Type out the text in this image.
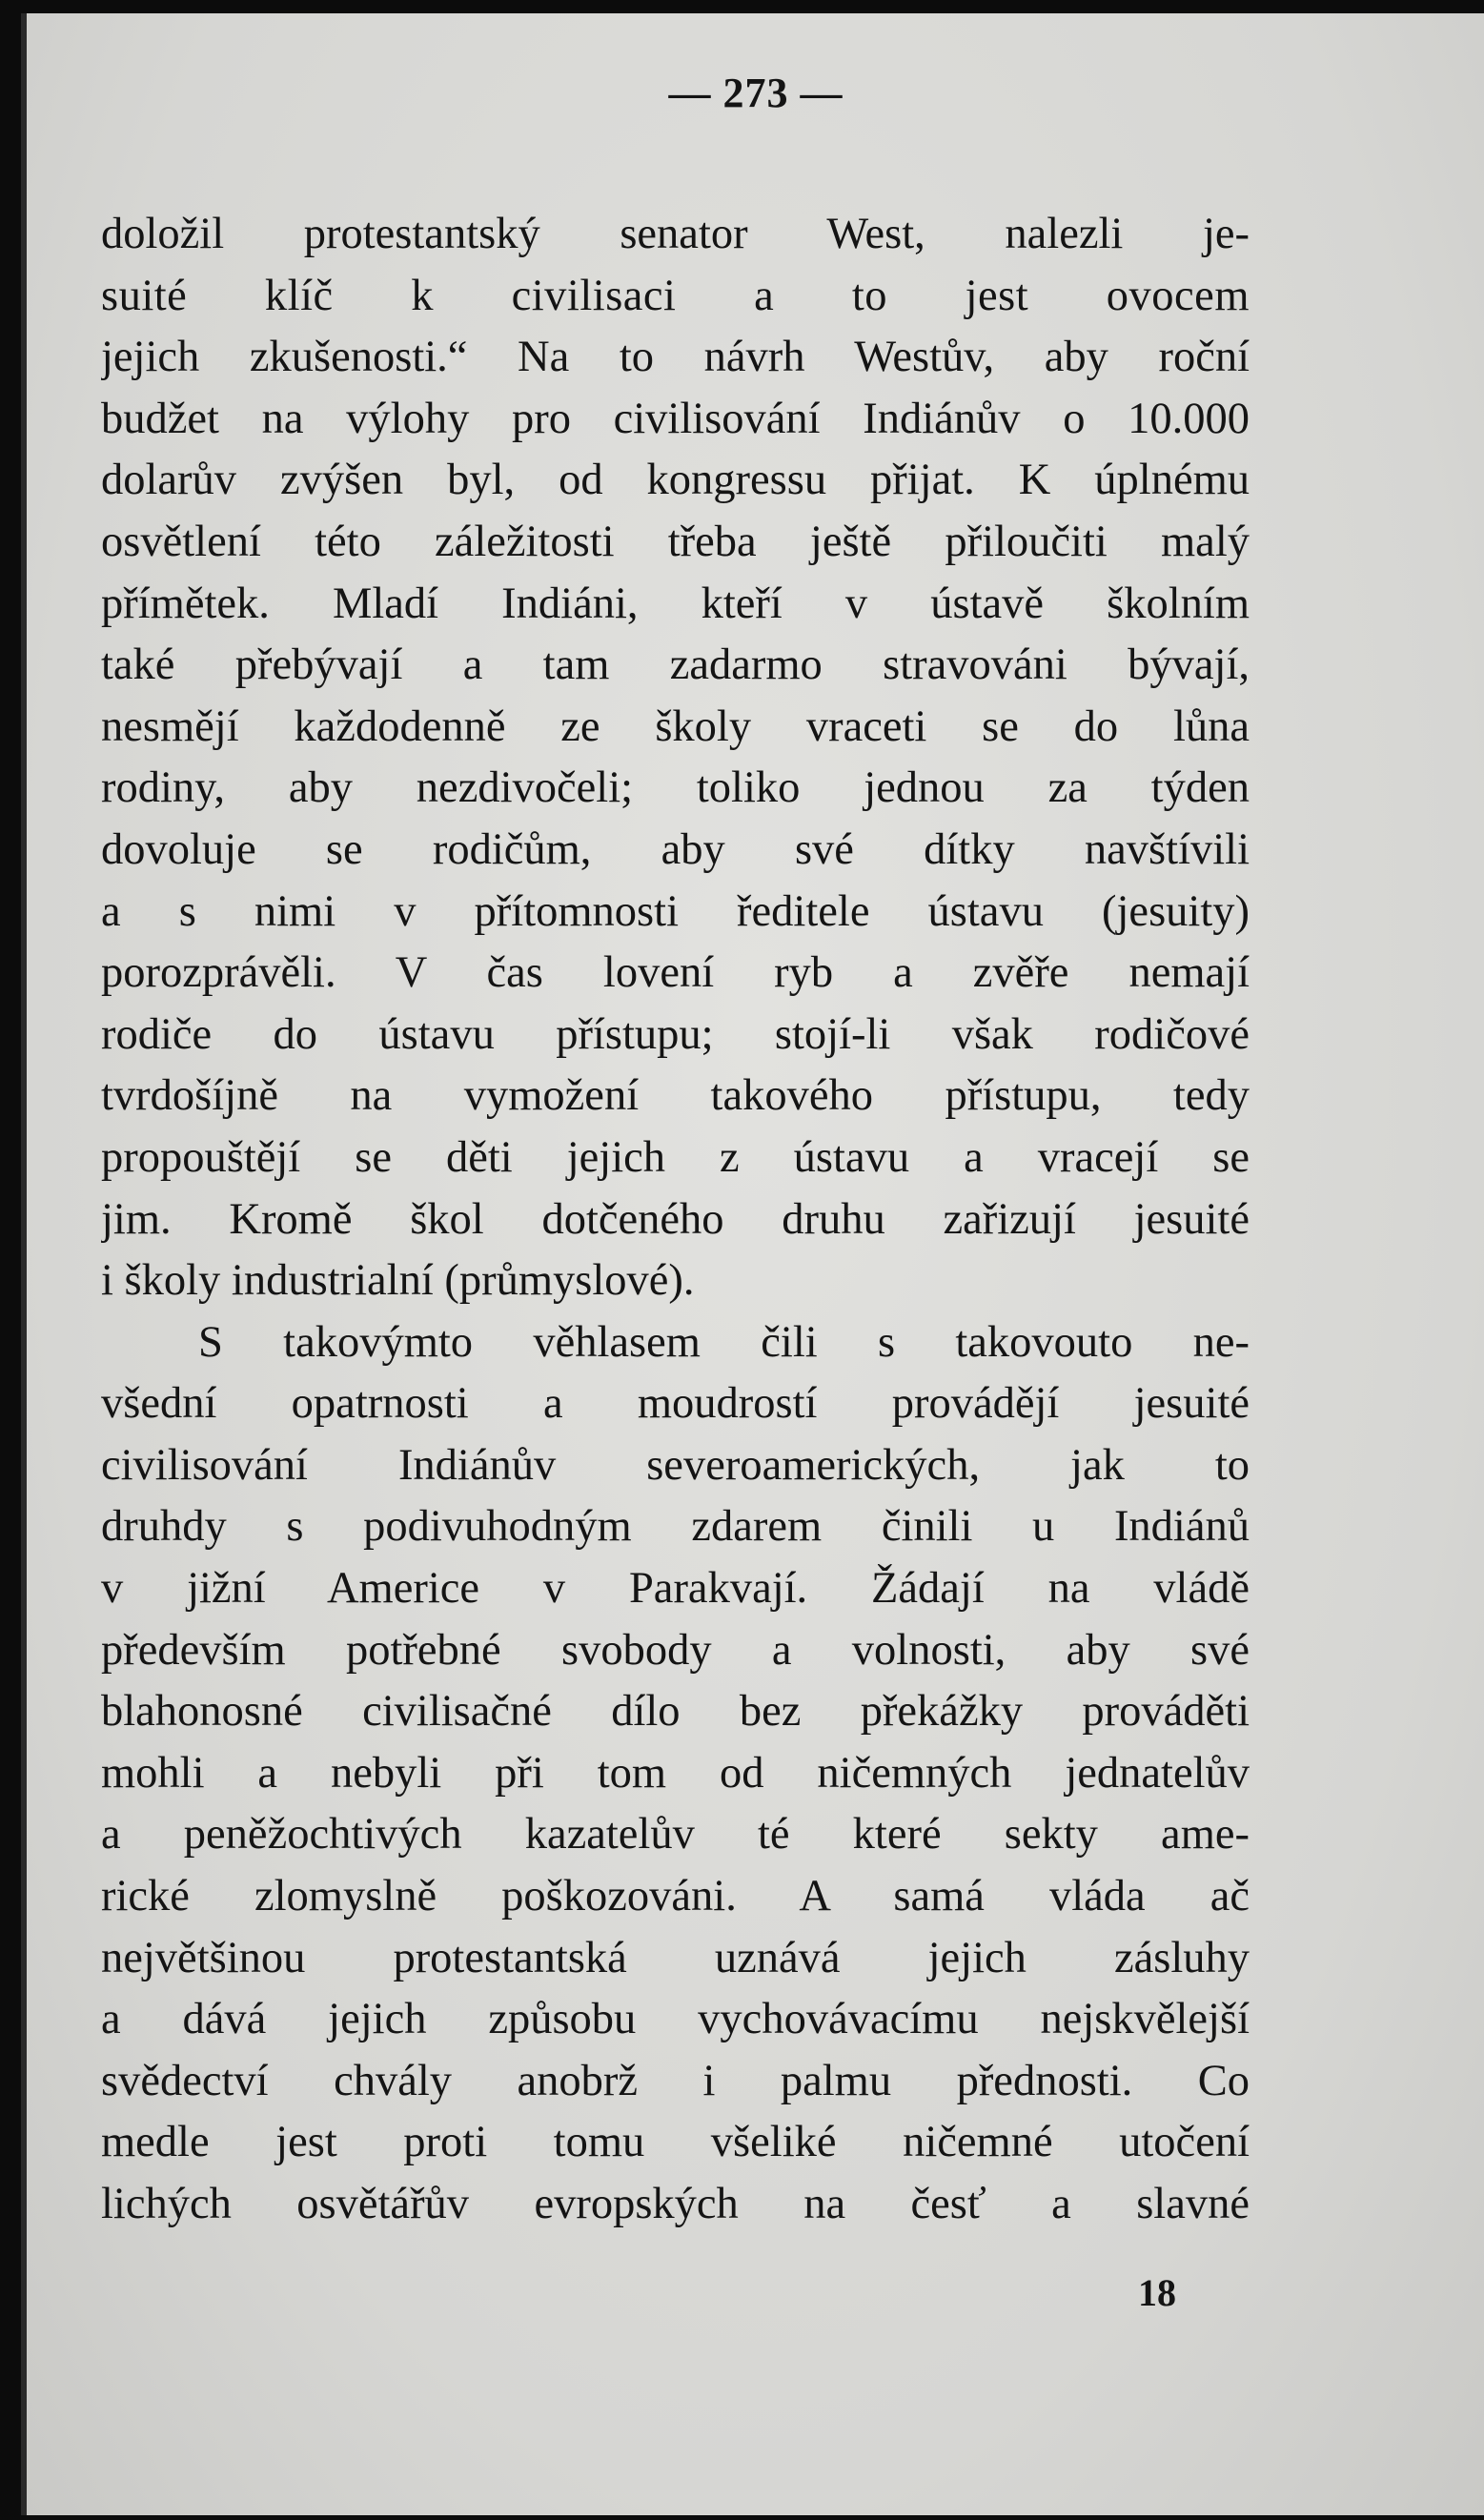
— 273 —
doložil protestantský senator West, nalezli je-
suité klíč k civilisaci a to jest ovocem
jejich zkušenosti.“ Na to návrh Westův, aby roční
budžet na výlohy pro civilisování Indiánův o 10.000
dolarův zvýšen byl, od kongressu přijat. K úplnému
osvětlení této záležitosti třeba ještě přilоučiti malý
přímětek. Mladí Indiáni, kteří v ústavě školním
také přebývají a tam zadarmo stravováni bývají,
nesmějí každodenně ze školy vraceti se do lůna
rodiny, aby nezdivočeli; toliko jednou za týden
dovoluje se rodičům, aby své dítky navštívili
a s nimi v přítomnosti ředitele ústavu (jesuity)
porozprávěli. V čas lovení ryb a zvěře nemají
rodiče do ústavu přístupu; stojí-li však rodičové
tvrdošíjně na vymožení takového přístupu, tedy
propouštějí se děti jejich z ústavu a vracejí se
jim. Kromě škol dotčeného druhu zařizují jesuité
i školy industrialní (průmyslové).
S takovýmto věhlasem čili s takovouto ne-
všední opatrnosti a moudrostí provádějí jesuité
civilisování Indiánův severoamerických, jak to
druhdy s podivuhodným zdarem činili u Indiánů
v jižní Americe v Parakvají. Žádají na vládě
především potřebné svobody a volnosti, aby své
blahonosné civilisačné dílo bez překážky prováděti
mohli a nebyli při tom od ničemných jednatelův
a peněžochtivých kazatelův té které sekty ame-
rické zlomyslně poškozováni. A samá vláda ač
největšinou protestantská uznává jejich zásluhy
a dává jejich způsobu vychovávacímu nejskvělejší
svědectví chvály anobrž i palmu přednosti. Co
medle jest proti tomu všeliké ničemné utočení
lichých osvětářův evropských na česť a slavné
18
